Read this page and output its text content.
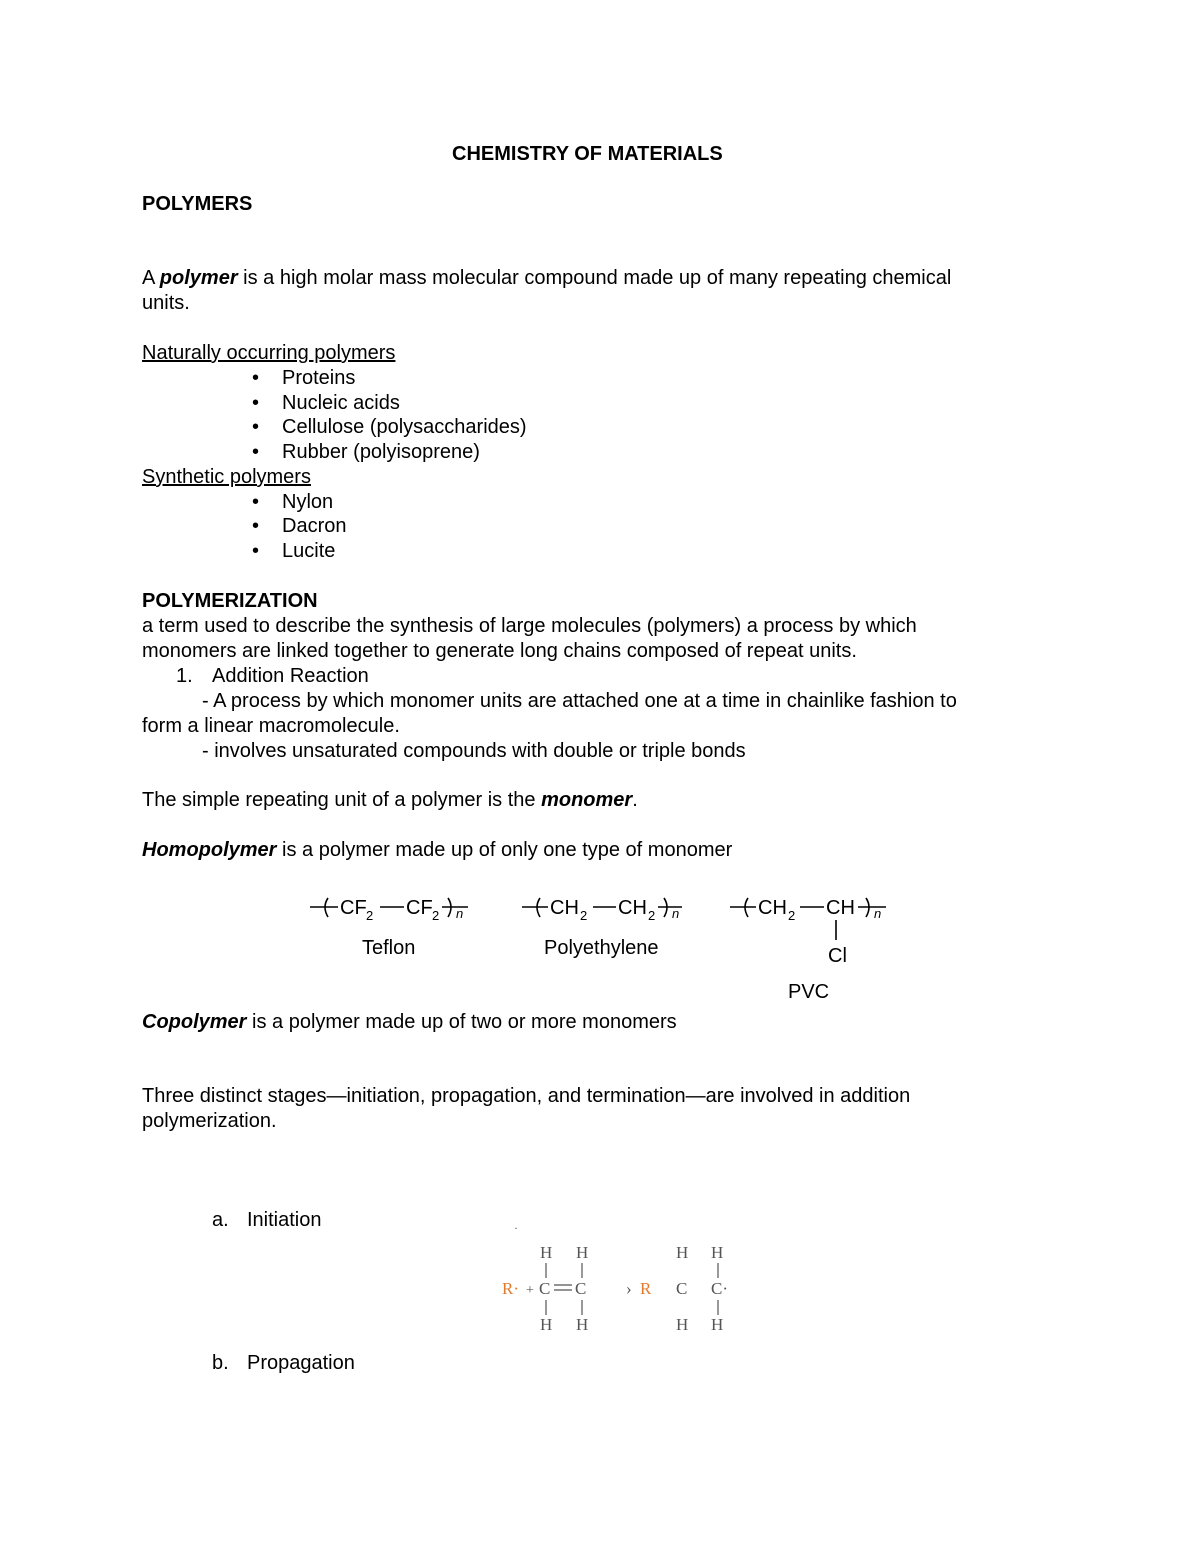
CHEMISTRY OF MATERIALS
POLYMERS
A polymer is a high molar mass molecular compound made up of many repeating chemical
units.
Naturally occurring polymers
• Proteins
• Nucleic acids
• Cellulose (polysaccharides)
• Rubber (polyisoprene)
Synthetic polymers
• Nylon
• Dacron
• Lucite
POLYMERIZATION
a term used to describe the synthesis of large molecules (polymers) a process by which
monomers are linked together to generate long chains composed of repeat units.
1. Addition Reaction
- A process by which monomer units are attached one at a time in chainlike fashion to
form a linear macromolecule.
- involves unsaturated compounds with double or triple bonds
The simple repeating unit of a polymer is the monomer.
Homopolymer is a polymer made up of only one type of monomer
CF 2 CF 2 n
Teflon
CH 2 CH 2 n
Polyethylene
CH 2 CH n
Cl
PVC
Copolymer is a polymer made up of two or more monomers
Three distinct stages—initiation, propagation, and termination—are involved in addition
polymerization.
a. Initiation
b. Propagation
·
H H
R· + C C
H H
› R
H H
C C·
H H
